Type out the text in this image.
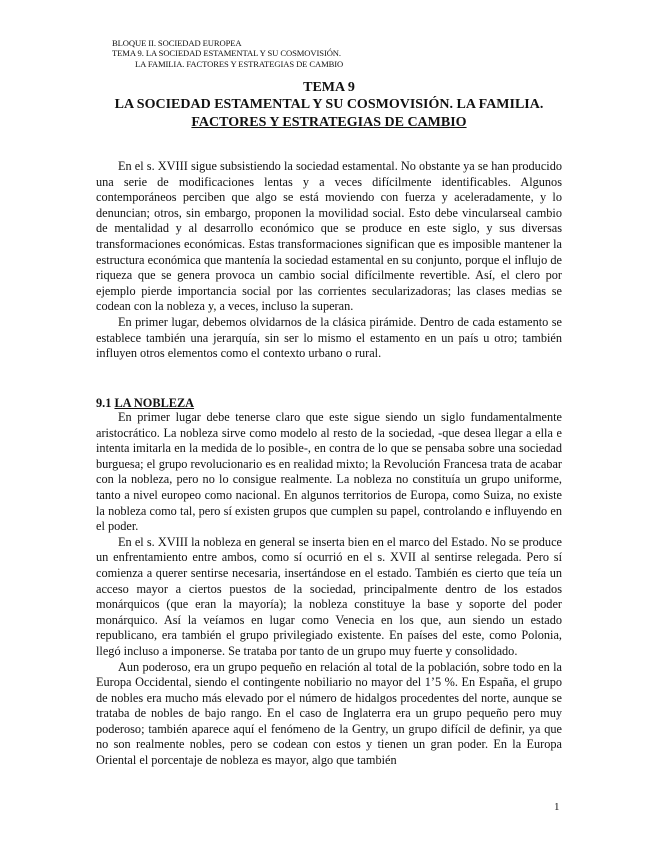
BLOQUE II. SOCIEDAD EUROPEA
TEMA 9. LA SOCIEDAD ESTAMENTAL Y SU COSMOVISIÓN.
LA FAMILIA. FACTORES Y ESTRATEGIAS DE CAMBIO
TEMA 9
LA SOCIEDAD ESTAMENTAL Y SU COSMOVISIÓN. LA FAMILIA.
FACTORES Y ESTRATEGIAS DE CAMBIO

En el s. XVIII sigue subsistiendo la sociedad estamental. No obstante ya se han producido una serie de modificaciones lentas y a veces difícilmente identificables. Algunos contemporáneos perciben que algo se está moviendo con fuerza y aceleradamente, y lo denuncian; otros, sin embargo, proponen la movilidad social. Esto debe vincularseal cambio de mentalidad y al desarrollo económico que se produce en este siglo, y sus diversas transformaciones económicas. Estas transformaciones significan que es imposible mantener la estructura económica que mantenía la sociedad estamental en su conjunto, porque el influjo de riqueza que se genera provoca un cambio social difícilmente revertible. Así, el clero por ejemplo pierde importancia social por las corrientes secularizadoras; las clases medias se codean con la nobleza y, a veces, incluso la superan.

En primer lugar, debemos olvidarnos de la clásica pirámide. Dentro de cada estamento se establece también una jerarquía, sin ser lo mismo el estamento en un país u otro; también influyen otros elementos como el contexto urbano o rural.

9.1 LA NOBLEZA

En primer lugar debe tenerse claro que este sigue siendo un siglo fundamentalmente aristocrático. La nobleza sirve como modelo al resto de la sociedad, -que desea llegar a ella e intenta imitarla en la medida de lo posible-, en contra de lo que se pensaba sobre una sociedad burguesa; el grupo revolucionario es en realidad mixto; la Revolución Francesa trata de acabar con la nobleza, pero no lo consigue realmente. La nobleza no constituía un grupo uniforme, tanto a nivel europeo como nacional. En algunos territorios de Europa, como Suiza, no existe la nobleza como tal, pero sí existen grupos que cumplen su papel, controlando e influyendo en el poder.

En el s. XVIII la nobleza en general se inserta bien en el marco del Estado. No se produce un enfrentamiento entre ambos, como sí ocurrió en el s. XVII al sentirse relegada. Pero sí comienza a querer sentirse necesaria, insertándose en el estado. También es cierto que teía un acceso mayor a ciertos puestos de la sociedad, principalmente dentro de los estados monárquicos (que eran la mayoría); la nobleza constituye la base y soporte del poder monárquico. Así la veíamos en lugar como Venecia en los que, aun siendo un estado republicano, era también el grupo privilegiado existente. En países del este, como Polonia, llegó incluso a imponerse. Se trataba por tanto de un grupo muy fuerte y consolidado.

Aun poderoso, era un grupo pequeño en relación al total de la población, sobre todo en la Europa Occidental, siendo el contingente nobiliario no mayor del 1’5 %. En España, el grupo de nobles era mucho más elevado por el número de hidalgos procedentes del norte, aunque se trataba de nobles de bajo rango. En el caso de Inglaterra era un grupo pequeño pero muy poderoso; también aparece aquí el fenómeno de la Gentry, un grupo difícil de definir, ya que no son realmente nobles, pero se codean con estos y tienen un gran poder. En la Europa Oriental el porcentaje de nobleza es mayor, algo que también

1
